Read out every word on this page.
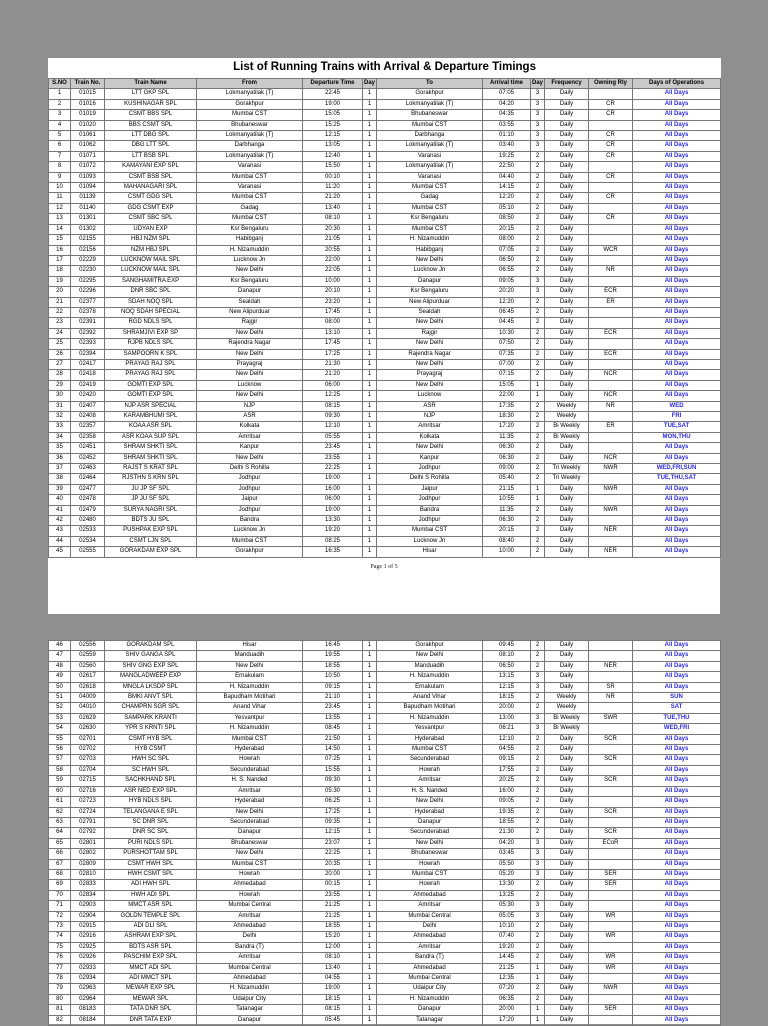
List of Running Trains with Arrival & Departure Timings											
S.NO	Train No.	Train Name	From	Departure Time	Day	To	Arrival time	Day	Frequency	Owning Rly	Days of Operations
1	01015	LTT GKP SPL	Lokmanyatilak (T)	22:45	1	Gorakhpur	07:05	3	Daily		All Days
2	01016	KUSHINAGAR SPL	Gorakhpur	19:00	1	Lokmanyatilak (T)	04:20	3	Daily	CR	All Days
3	01019	CSMT BBS SPL	Mumbai CST	15:05	1	Bhubaneswar	04:35	3	Daily	CR	All Days
4	01020	BBS CSMT SPL	Bhubaneswar	15:25	1	Mumbai CST	03:55	3	Daily		All Days
5	01061	LTT DBG SPL	Lokmanyatilak (T)	12:15	1	Darbhanga	01:10	3	Daily	CR	All Days
6	01062	DBG LTT SPL	Darbhanga	13:05	1	Lokmanyatilak (T)	03:40	3	Daily	CR	All Days
7	01071	LTT BSB SPL	Lokmanyatilak (T)	12:40	1	Varanasi	19:25	2	Daily	CR	All Days
8	01072	KAMAYANI EXP SPL	Varanasi	15:50	1	Lokmanyatilak (T)	22:50	2	Daily		All Days
9	01093	CSMT BSB SPL	Mumbai CST	00:10	1	Varanasi	04:40	2	Daily	CR	All Days
10	01094	MAHANAGARI SPL	Varanasi	11:20	1	Mumbai CST	14:15	2	Daily		All Days
11	01139	CSMT GDG SPL	Mumbai CST	21:20	1	Gadag	12:20	2	Daily	CR	All Days
12	01140	GDG CSMT EXP	Gadag	13:40	1	Mumbai CST	05:10	2	Daily		All Days
13	01301	CSMT SBC SPL	Mumbai CST	08:10	1	Ksr Bengaluru	08:50	2	Daily	CR	All Days
14	01302	UDYAN EXP	Ksr Bengaluru	20:30	1	Mumbai CST	20:15	2	Daily		All Days
15	02155	HBJ NZM SPL	Habibganj	21:05	1	H. Nizamuddin	08:00	2	Daily		All Days
16	02156	NZM HBJ SPL	H. Nizamuddin	20:55	1	Habibganj	07:05	2	Daily	WCR	All Days
17	02229	LUCKNOW MAIL SPL	Lucknow Jn	22:00	1	New Delhi	06:50	2	Daily		All Days
18	02230	LUCKNOW MAIL SPL	New Delhi	22:05	1	Lucknow Jn	06:55	2	Daily	NR	All Days
19	02295	SANGHAMITRA EXP	Ksr Bengaluru	10:00	1	Danapur	09:05	3	Daily		All Days
20	02296	DNR SBC SPL	Danapur	20:10	1	Ksr Bengaluru	20:20	3	Daily	ECR	All Days
21	02377	SDAH NOQ SPL	Sealdah	23:20	1	New Alipurduar	12:20	2	Daily	ER	All Days
22	02378	NOQ SDAH SPECIAL	New Alipurduar	17:45	1	Sealdah	06:45	2	Daily		All Days
23	02391	RGD NDLS SPL	Rajgir	08:00	1	New Delhi	04:45	2	Daily		All Days
24	02392	SHRAMJIVI EXP SP	New Delhi	13:10	1	Rajgir	10:30	2	Daily	ECR	All Days
25	02393	RJPB NDLS SPL	Rajendra Nagar	17:45	1	New Delhi	07:50	2	Daily		All Days
26	02394	SAMPOORN K SPL	New Delhi	17:25	1	Rajendra Nagar	07:35	2	Daily	ECR	All Days
27	02417	PRAYAG RAJ SPL	Prayagraj	21:30	1	New Delhi	07:00	2	Daily		All Days
28	02418	PRAYAG RAJ SPL	New Delhi	21:20	1	Prayagraj	07:15	2	Daily	NCR	All Days
29	02419	GOMTI EXP SPL	Lucknow	06:00	1	New Delhi	15:05	1	Daily		All Days
30	02420	GOMTI EXP SPL	New Delhi	12:25	1	Lucknow	22:00	1	Daily	NCR	All Days
31	02407	NJP ASR SPECIAL	NJP	08:15	1	ASR	17:35	2	Weekly	NR	WED
32	02408	KARAMBHUMI SPL	ASR	09:30	1	NJP	18:30	2	Weekly		FRI
33	02357	KOAA ASR SPL	Kolkata	12:10	1	Amritsar	17:20	2	Bi Weekly	ER	TUE,SAT
34	02358	ASR KOAA SUP SPL	Amritsar	05:55	1	Kolkata	11:35	2	Bi Weekly		MON,THU
35	02451	SHRAM SHKTI SPL	Kanpur	23:45	1	New Delhi	06:30	2	Daily		All Days
36	02452	SHRAM SHKTI SPL	New Delhi	23:55	1	Kanpur	06:30	2	Daily	NCR	All Days
37	02463	RAJST S KRAT SPL	Delhi S Rohilla	22:25	1	Jodhpur	09:00	2	Tri Weekly	NWR	WED,FRI,SUN
38	02464	RJSTHN S KRN SPL	Jodhpur	19:00	1	Delhi S Rohilla	05:40	2	Tri Weekly		TUE,THU,SAT
39	02477	JU JP SF SPL	Jodhpur	16:00	1	Jaipur	21:15	1	Daily	NWR	All Days
40	02478	JP JU SF SPL	Jaipur	06:00	1	Jodhpur	10:55	1	Daily		All Days
41	02479	SURYA NAGRI SPL	Jodhpur	19:00	1	Bandra	11:35	2	Daily	NWR	All Days
42	02480	BDTS JU SPL	Bandra	13:30	1	Jodhpur	06:30	2	Daily		All Days
43	02533	PUSHPAK EXP SPL	Lucknow Jn	19:20	1	Mumbai CST	20:15	2	Daily	NER	All Days
44	02534	CSMT LJN SPL	Mumbai CST	08:25	1	Lucknow Jn	08:40	2	Daily		All Days
45	02555	GORAKDAM EXP SPL	Gorakhpur	16:35	1	Hisar	10:00	2	Daily	NER	All Days
Page 1 of 5
46	02556	GORAKDAM SPL	Hisar	16:45	1	Gorakhpur	09:45	2	Daily		All Days
47	02559	SHIV GANGA SPL	Manduadih	19:55	1	New Delhi	08:10	2	Daily		All Days
48	02560	SHIV GNG EXP SPL	New Delhi	18:55	1	Manduadih	06:50	2	Daily	NER	All Days
49	02617	MANGLADWEEP EXP	Ernakulam	10:50	1	H. Nizamuddin	13:15	3	Daily		All Days
50	02618	MNGLA LKSDP SPL	H. Nizamuddin	09:15	1	Ernakulam	12:15	3	Daily	SR	All Days
51	04009	BMKI ANVT SPL	Bapudham Motihari	21:10	1	Anand Vihar	18:15	2	Weekly	NR	SUN
52	04010	CHAMPRN SGR SPL	Anand Vihar	23:45	1	Bapudham Motihari	20:00	2	Weekly		SAT
53	02629	SAMPARK KRANTI	Yesvantpur	13:55	1	H. Nizamuddin	13:00	3	Bi Weekly	SWR	TUE,THU
54	02630	YPR S KRNTI SPL	H. Nizamuddin	08:45	1	Yesvantpur	06:21	3	Bi Weekly		WED,FRI
55	02701	CSMT HYB SPL	Mumbai CST	21:50	1	Hyderabad	12:10	2	Daily	SCR	All Days
56	02702	HYB CSMT	Hyderabad	14:50	1	Mumbai CST	04:55	2	Daily		All Days
57	02703	HWH SC SPL	Howrah	07:25	1	Secunderabad	09:15	2	Daily	SCR	All Days
58	02704	SC HWH SPL	Secunderabad	15:55	1	Howrah	17:55	2	Daily		All Days
59	02715	SACHKHAND SPL	H. S. Nanded	09:30	1	Amritsar	20:25	2	Daily	SCR	All Days
60	02716	ASR NED EXP SPL	Amritsar	05:30	1	H. S. Nanded	16:00	2	Daily		All Days
61	02723	HYB NDLS SPL	Hyderabad	06:25	1	New Delhi	09:05	2	Daily		All Days
62	02724	TELANGANA E SPL	New Delhi	17:25	1	Hyderabad	19:35	2	Daily	SCR	All Days
63	02791	SC DNR SPL	Secunderabad	09:35	1	Danapur	18:55	2	Daily		All Days
64	02792	DNR SC SPL	Danapur	12:15	1	Secunderabad	21:30	2	Daily	SCR	All Days
65	02801	PURI NDLS SPL	Bhubaneswar	23:07	1	New Delhi	04:20	3	Daily	ECoR	All Days
66	02802	PURSHOTTAM SPL	New Delhi	22:25	1	Bhubaneswar	03:45	3	Daily		All Days
67	02809	CSMT HWH SPL	Mumbai CST	20:35	1	Howrah	05:50	3	Daily		All Days
68	02810	HWH CSMT SPL	Howrah	20:00	1	Mumbai CST	05:20	3	Daily	SER	All Days
69	02833	ADI HWH SPL	Ahmedabad	00:15	1	Howrah	13:30	2	Daily	SER	All Days
70	02834	HWH ADI SPL	Howrah	23:55	1	Ahmedabad	13:25	2	Daily		All Days
71	02903	MMCT ASR SPL	Mumbai Central	21:25	1	Amritsar	05:30	3	Daily		All Days
72	02904	GOLDN TEMPLE SPL	Amritsar	21:25	1	Mumbai Central	05:05	3	Daily	WR	All Days
73	02915	ADI DLI SPL	Ahmedabad	18:55	1	Delhi	10:10	2	Daily		All Days
74	02916	ASHRAM EXP SPL	Delhi	15:20	1	Ahmedabad	07:40	2	Daily	WR	All Days
75	02925	BDTS ASR SPL	Bandra (T)	12:00	1	Amritsar	19:20	2	Daily		All Days
76	02926	PASCHIM EXP SPL	Amritsar	08:10	1	Bandra (T)	14:45	2	Daily	WR	All Days
77	02933	MMCT ADI SPL	Mumbai Central	13:40	1	Ahmedabad	21:25	1	Daily	WR	All Days
78	02934	ADI MMCT SPL	Ahmedabad	04:55	1	Mumbai Central	12:35	1	Daily		All Days
79	02963	MEWAR EXP SPL	H. Nizamuddin	19:00	1	Udaipur City	07:20	2	Daily	NWR	All Days
80	02964	MEWAR SPL	Udaipur City	18:15	1	H. Nizamuddin	06:35	2	Daily		All Days
81	08183	TATA DNR SPL	Tatanagar	08:15	1	Danapur	20:00	1	Daily	SER	All Days
82	08184	DNR TATA EXP	Danapur	05:45	1	Tatanagar	17:20	1	Daily		All Days
